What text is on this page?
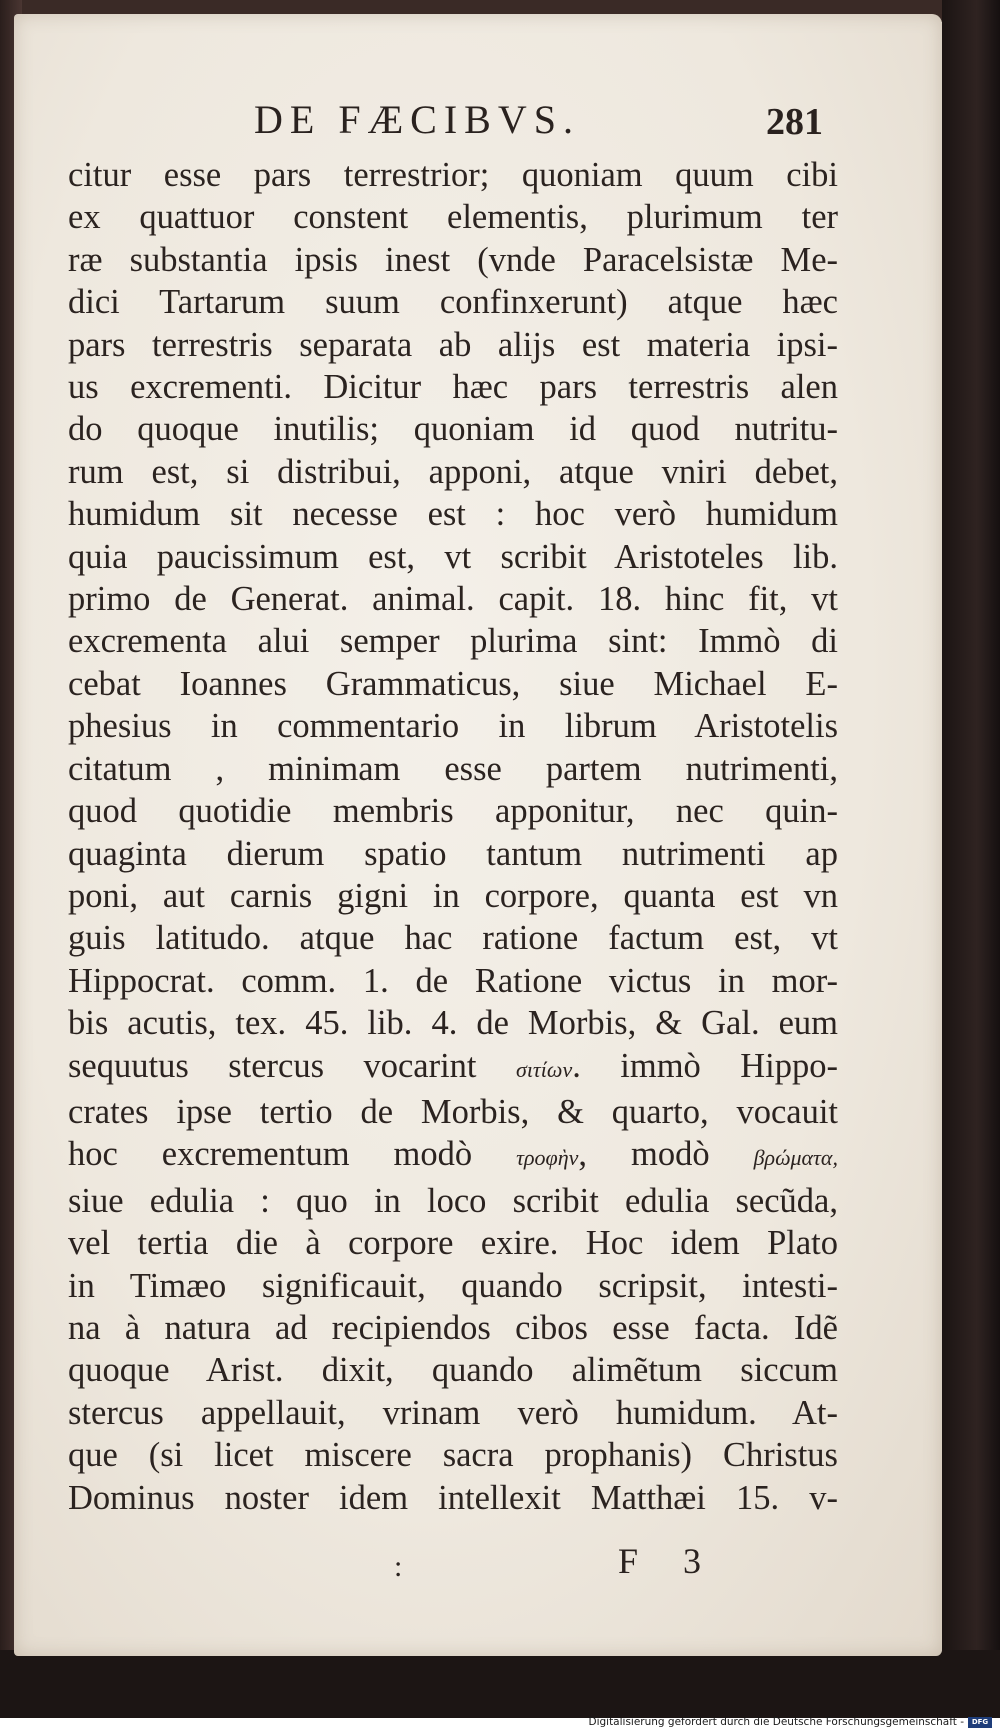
DE FÆCIBVS.	281
citur esse pars terrestrior; quoniam quum cibi
ex quattuor constent elementis, plurimum ter
ræ substantia ipsis inest (vnde Paracelsistæ Me-
dici Tartarum suum confinxerunt) atque hæc
pars terrestris separata ab alijs est materia ipsi-
us excrementi. Dicitur hæc pars terrestris alen
do quoque inutilis; quoniam id quod nutritu-
rum est, si distribui, apponi, atque vniri debet,
humidum sit necesse est : hoc verò humidum
quia paucissimum est, vt scribit Aristoteles lib.
primo de Generat. animal. capit. 18. hinc fit, vt
excrementa alui semper plurima sint: Immò di
cebat Ioannes Grammaticus, siue Michael E-
phesius in commentario in librum Aristotelis
citatum , minimam esse partem nutrimenti,
quod quotidie membris apponitur, nec quin-
quaginta dierum spatio tantum nutrimenti ap
poni, aut carnis gigni in corpore, quanta est vn
guis latitudo. atque hac ratione factum est, vt
Hippocrat. comm. 1. de Ratione victus in mor-
bis acutis, tex. 45. lib. 4. de Morbis, & Gal. eum
sequutus stercus vocarint σιτίων. immò Hippo-
crates ipse tertio de Morbis, & quarto, vocauit
hoc excrementum modò τροφὴν, modò βρώματα,
siue edulia : quo in loco scribit edulia secũda,
vel tertia die à corpore exire. Hoc idem Plato
in Timæo significauit, quando scripsit, intesti-
na à natura ad recipiendos cibos esse facta. Idẽ
quoque Arist. dixit, quando alimẽtum siccum
stercus appellauit, vrinam verò humidum. At-
que (si licet miscere sacra prophanis) Christus
Dominus noster idem intellexit Matthæi 15. v-
:	F 3
Digitalisierung gefördert durch die Deutsche Forschungsgemeinschaft -	DFG
